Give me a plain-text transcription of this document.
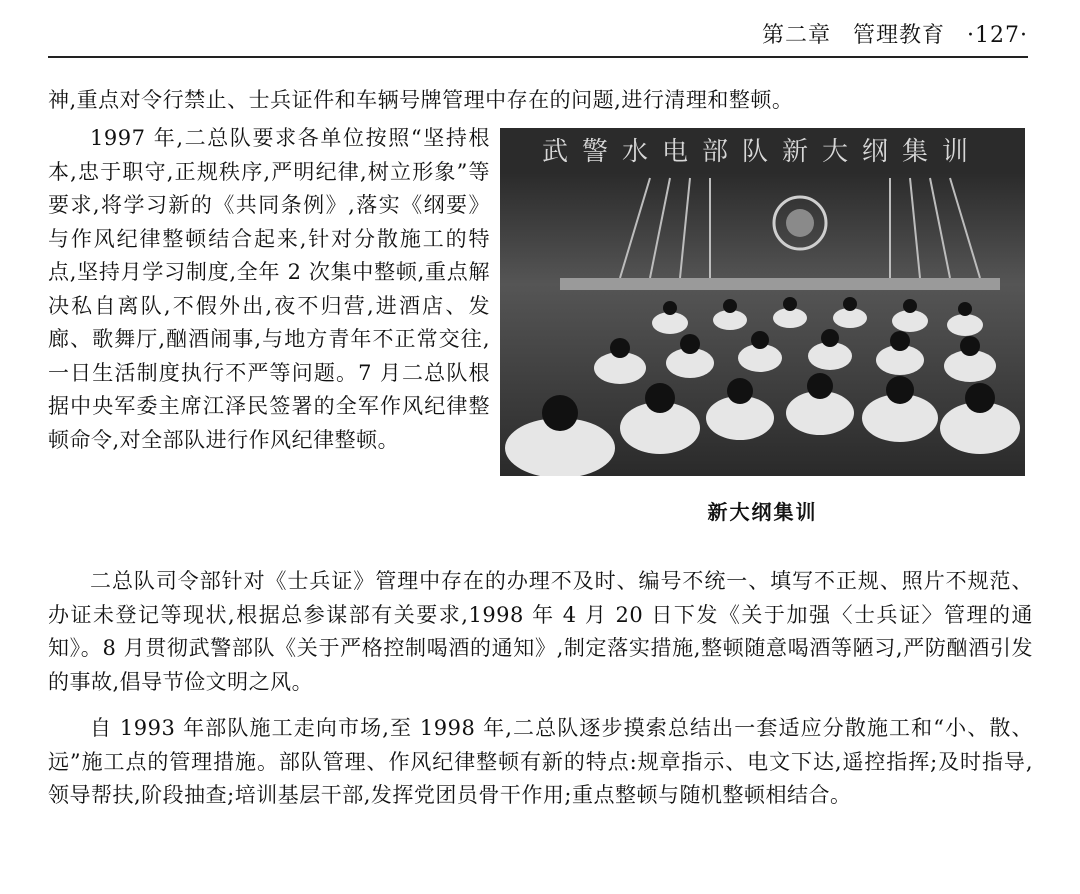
第二章 管理教育 ·127·

神,重点对令行禁止、士兵证件和车辆号牌管理中存在的问题,进行清理和整顿。

1997 年,二总队要求各单位按照“坚持根本,忠于职守,正规秩序,严明纪律,树立形象”等要求,将学习新的《共同条例》,落实《纲要》与作风纪律整顿结合起来,针对分散施工的特点,坚持月学习制度,全年 2 次集中整顿,重点解决私自离队,不假外出,夜不归营,进酒店、发廊、歌舞厅,酗酒闹事,与地方青年不正常交往,一日生活制度执行不严等问题。7 月二总队根据中央军委主席江泽民签署的全军作风纪律整顿命令,对全部队进行作风纪律整顿。

武警水电部队新大纲集训
新大纲集训

二总队司令部针对《士兵证》管理中存在的办理不及时、编号不统一、填写不正规、照片不规范、办证未登记等现状,根据总参谋部有关要求,1998 年 4 月 20 日下发《关于加强〈士兵证〉管理的通知》。8 月贯彻武警部队《关于严格控制喝酒的通知》,制定落实措施,整顿随意喝酒等陋习,严防酗酒引发的事故,倡导节俭文明之风。

自 1993 年部队施工走向市场,至 1998 年,二总队逐步摸索总结出一套适应分散施工和“小、散、远”施工点的管理措施。部队管理、作风纪律整顿有新的特点:规章指示、电文下达,遥控指挥;及时指导,领导帮扶,阶段抽查;培训基层干部,发挥党团员骨干作用;重点整顿与随机整顿相结合。
